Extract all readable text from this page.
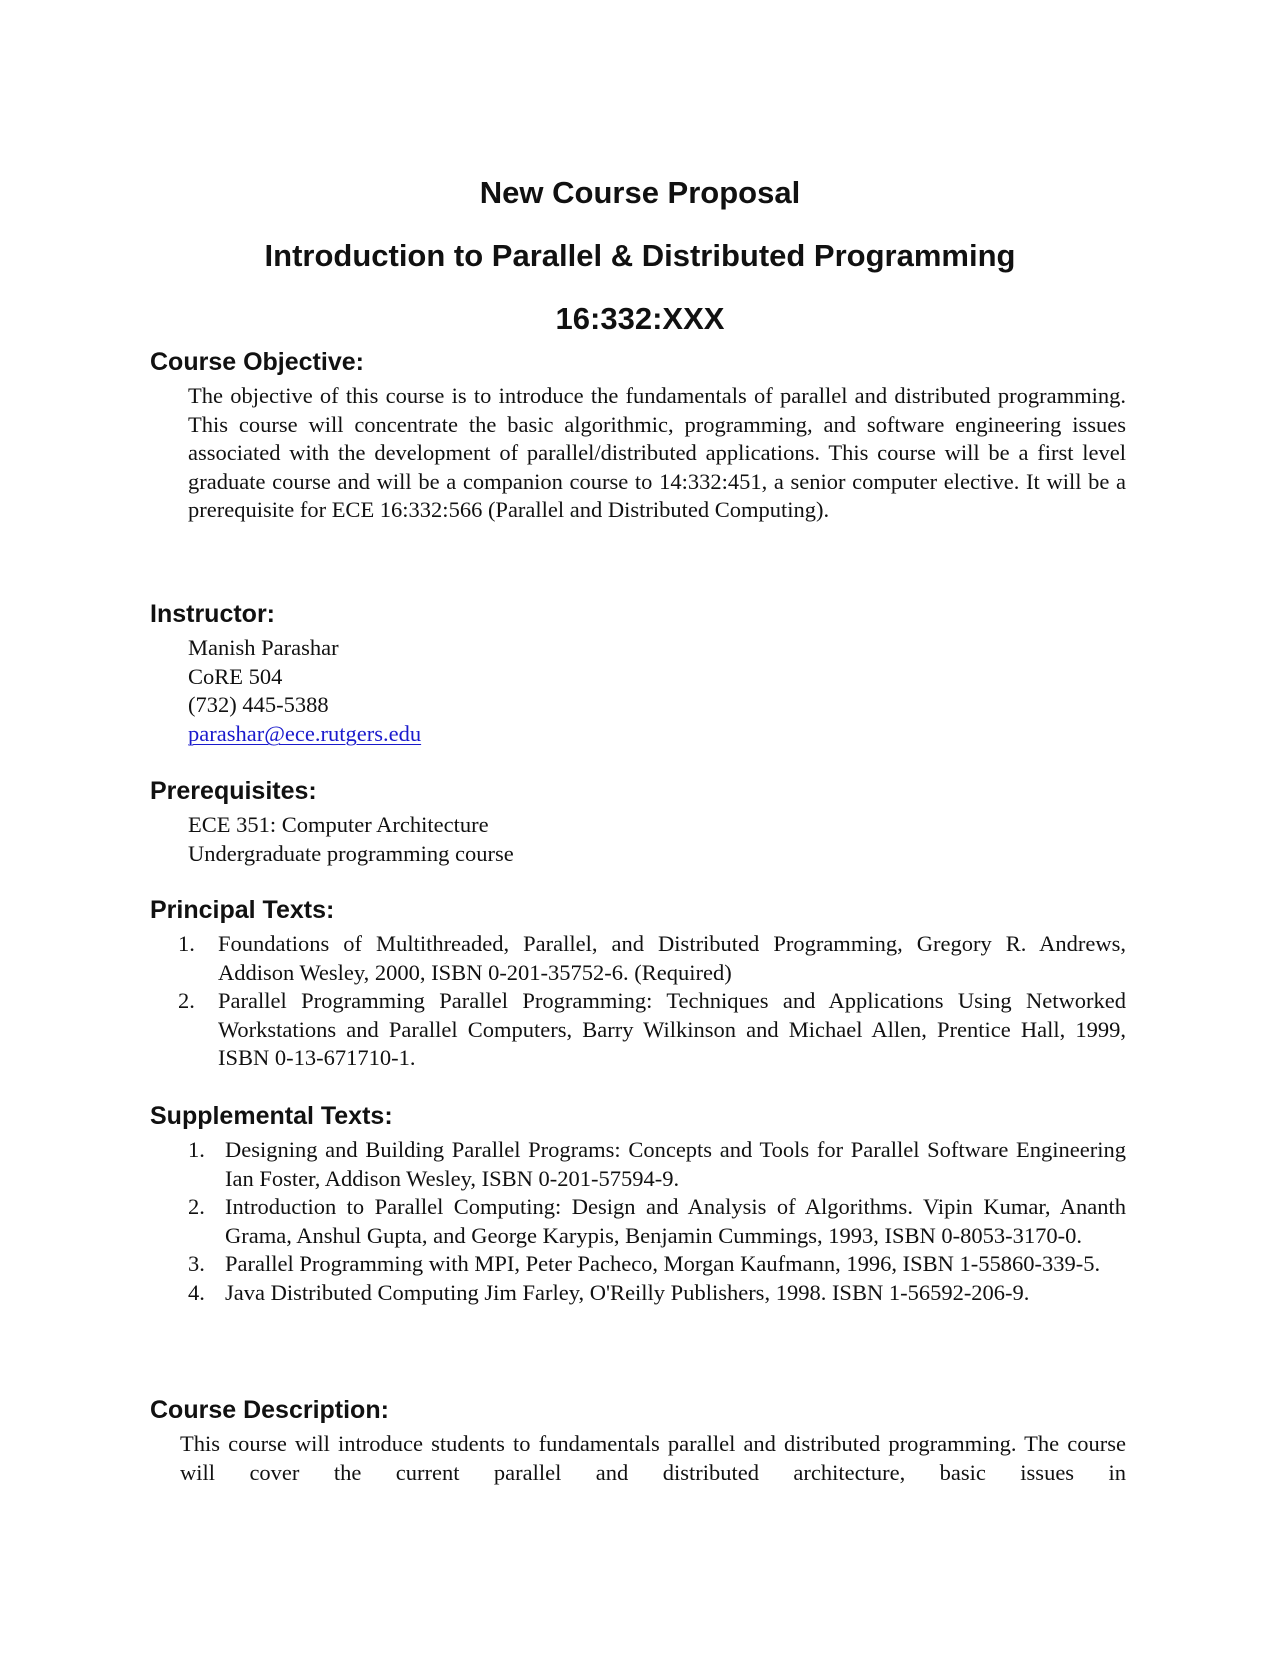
New Course Proposal
Introduction to Parallel & Distributed Programming
16:332:XXX
Course Objective:

The objective of this course is to introduce the fundamentals of parallel and distributed programming. This course will concentrate the basic algorithmic, programming, and software engineering issues associated with the development of parallel/distributed applications. This course will be a first level graduate course and will be a companion course to 14:332:451, a senior computer elective. It will be a prerequisite for ECE 16:332:566 (Parallel and Distributed Computing).

Instructor:
Manish Parashar
CoRE 504
(732) 445-5388
parashar@ece.rutgers.edu
Prerequisites:
ECE 351: Computer Architecture
Undergraduate programming course
Principal Texts:
1. Foundations of Multithreaded, Parallel, and Distributed Programming, Gregory R. Andrews, Addison Wesley, 2000, ISBN 0-201-35752-6. (Required)
2. Parallel Programming Parallel Programming: Techniques and Applications Using Networked Workstations and Parallel Computers, Barry Wilkinson and Michael Allen, Prentice Hall, 1999, ISBN 0-13-671710-1.
Supplemental Texts:
1. Designing and Building Parallel Programs: Concepts and Tools for Parallel Software Engineering Ian Foster, Addison Wesley, ISBN 0-201-57594-9.
2. Introduction to Parallel Computing: Design and Analysis of Algorithms. Vipin Kumar, Ananth Grama, Anshul Gupta, and George Karypis, Benjamin Cummings, 1993, ISBN 0-8053-3170-0.
3. Parallel Programming with MPI, Peter Pacheco, Morgan Kaufmann, 1996, ISBN 1-55860-339-5.
4. Java Distributed Computing Jim Farley, O'Reilly Publishers, 1998. ISBN 1-56592-206-9.
Course Description:

This course will introduce students to fundamentals parallel and distributed programming. The course will cover the current parallel and distributed architecture, basic issues in
